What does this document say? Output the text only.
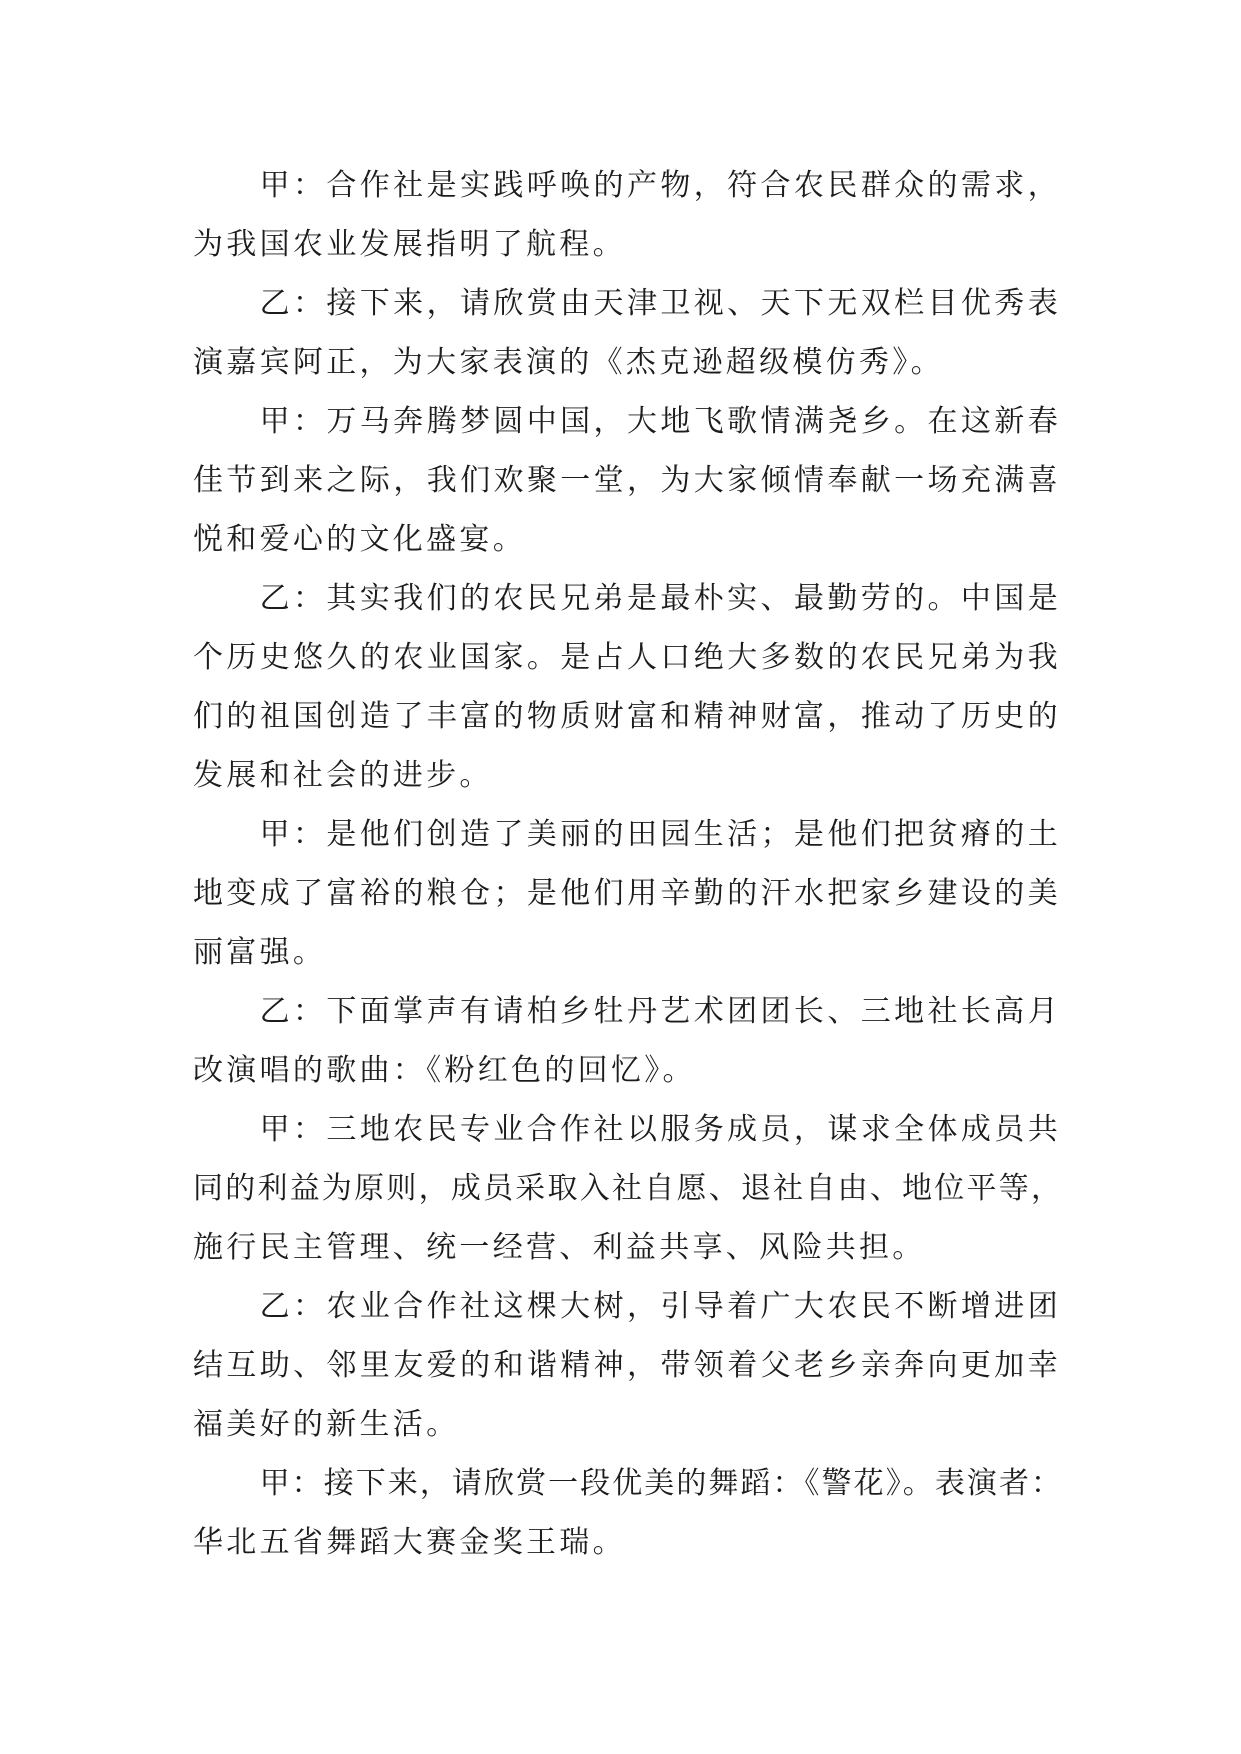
甲：合作社是实践呼唤的产物，符合农民群众的需求，
为我国农业发展指明了航程。
乙：接下来，请欣赏由天津卫视、天下无双栏目优秀表
演嘉宾阿正，为大家表演的《杰克逊超级模仿秀》。
甲：万马奔腾梦圆中国，大地飞歌情满尧乡。在这新春
佳节到来之际，我们欢聚一堂，为大家倾情奉献一场充满喜
悦和爱心的文化盛宴。
乙：其实我们的农民兄弟是最朴实、最勤劳的。中国是
个历史悠久的农业国家。是占人口绝大多数的农民兄弟为我
们的祖国创造了丰富的物质财富和精神财富，推动了历史的
发展和社会的进步。
甲：是他们创造了美丽的田园生活；是他们把贫瘠的土
地变成了富裕的粮仓；是他们用辛勤的汗水把家乡建设的美
丽富强。
乙：下面掌声有请柏乡牡丹艺术团团长、三地社长高月
改演唱的歌曲：《粉红色的回忆》。
甲：三地农民专业合作社以服务成员，谋求全体成员共
同的利益为原则，成员采取入社自愿、退社自由、地位平等，
施行民主管理、统一经营、利益共享、风险共担。
乙：农业合作社这棵大树，引导着广大农民不断增进团
结互助、邻里友爱的和谐精神，带领着父老乡亲奔向更加幸
福美好的新生活。
甲：接下来，请欣赏一段优美的舞蹈：《警花》。表演者：
华北五省舞蹈大赛金奖王瑞。
